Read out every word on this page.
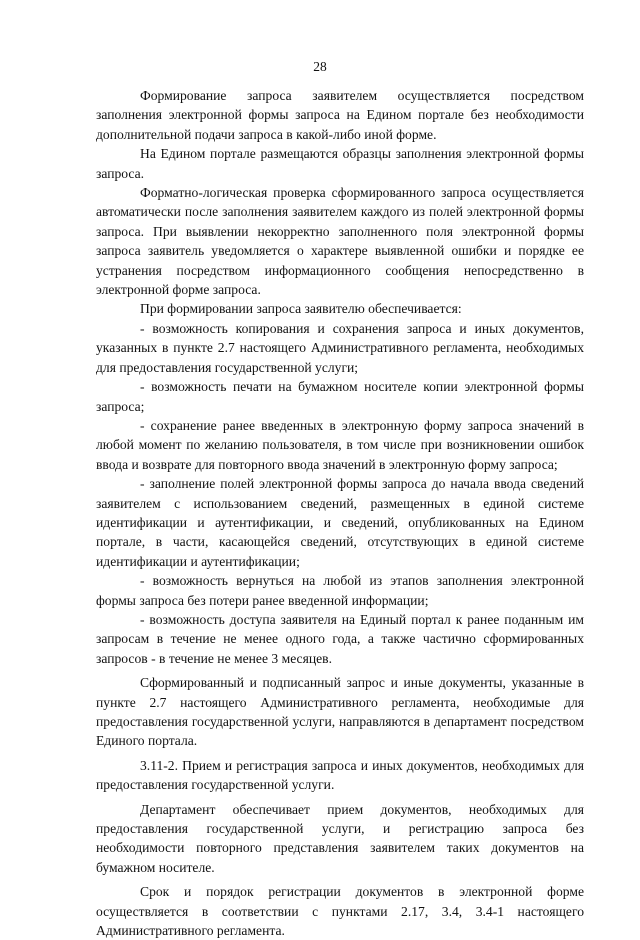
28

Формирование запроса заявителем осуществляется посредством заполнения электронной формы запроса на Едином портале без необходимости дополнительной подачи запроса в какой-либо иной форме.

На Едином портале размещаются образцы заполнения электронной формы запроса.

Форматно-логическая проверка сформированного запроса осуществляется автоматически после заполнения заявителем каждого из полей электронной формы запроса. При выявлении некорректно заполненного поля электронной формы запроса заявитель уведомляется о характере выявленной ошибки и порядке ее устранения посредством информационного сообщения непосредственно в электронной форме запроса.

При формировании запроса заявителю обеспечивается:

- возможность копирования и сохранения запроса и иных документов, указанных в пункте 2.7 настоящего Административного регламента, необходимых для предоставления государственной услуги;

- возможность печати на бумажном носителе копии электронной формы запроса;

- сохранение ранее введенных в электронную форму запроса значений в любой момент по желанию пользователя, в том числе при возникновении ошибок ввода и возврате для повторного ввода значений в электронную форму запроса;

- заполнение полей электронной формы запроса до начала ввода сведений заявителем с использованием сведений, размещенных в единой системе идентификации и аутентификации, и сведений, опубликованных на Едином портале, в части, касающейся сведений, отсутствующих в единой системе идентификации и аутентификации;

- возможность вернуться на любой из этапов заполнения электронной формы запроса без потери ранее введенной информации;

- возможность доступа заявителя на Единый портал к ранее поданным им запросам в течение не менее одного года, а также частично сформированных запросов - в течение не менее 3 месяцев.

Сформированный и подписанный запрос и иные документы, указанные в пункте 2.7 настоящего Административного регламента, необходимые для предоставления государственной услуги, направляются в департамент посредством Единого портала.

3.11-2. Прием и регистрация запроса и иных документов, необходимых для предоставления государственной услуги.

Департамент обеспечивает прием документов, необходимых для предоставления государственной услуги, и регистрацию запроса без необходимости повторного представления заявителем таких документов на бумажном носителе.

Срок и порядок регистрации документов в электронной форме осуществляется в соответствии с пунктами 2.17, 3.4, 3.4-1 настоящего Административного регламента.
